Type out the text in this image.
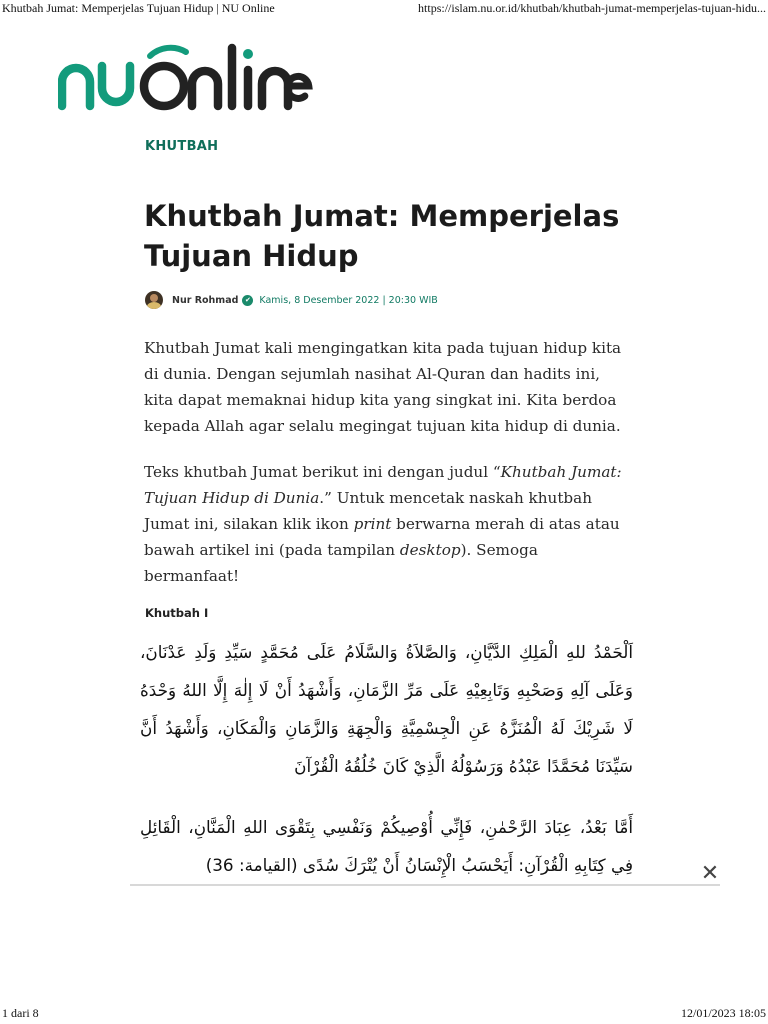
Khutbah Jumat: Memperjelas Tujuan Hidup | NU Online	https://islam.nu.or.id/khutbah/khutbah-jumat-memperjelas-tujuan-hidu...
KHUTBAH
Khutbah Jumat: Memperjelas Tujuan Hidup
Nur Rohmad ✔ Kamis, 8 Desember 2022 | 20:30 WIB

Khutbah Jumat kali mengingatkan kita pada tujuan hidup kita di dunia. Dengan sejumlah nasihat Al-Quran dan hadits ini, kita dapat memaknai hidup kita yang singkat ini. Kita berdoa kepada Allah agar selalu megingat tujuan kita hidup di dunia.

Teks khutbah Jumat berikut ini dengan judul “Khutbah Jumat: Tujuan Hidup di Dunia.” Untuk mencetak naskah khutbah Jumat ini, silakan klik ikon print berwarna merah di atas atau bawah artikel ini (pada tampilan desktop). Semoga bermanfaat!

Khutbah I

اَلْحَمْدُ للهِ الْمَلِكِ الدَّيَّانِ، وَالصَّلاَةُ وَالسَّلَامُ عَلَى مُحَمَّدٍ سَيِّدِ وَلَدِ عَدْنَانَ، وَعَلَى آلِهِ وَصَحْبِهِ وَتَابِعِيْهِ عَلَى مَرِّ الزَّمَانِ، وَأَشْهَدُ أَنْ لَا إِلٰهَ إِلَّا اللهُ وَحْدَهُ لَا شَرِيْكَ لَهُ الْمُنَزَّهُ عَنِ الْجِسْمِيَّةِ وَالْجِهَةِ وَالزَّمَانِ وَالْمَكَانِ، وَأَشْهَدُ أَنَّ سَيِّدَنَا مُحَمَّدًا عَبْدُهُ وَرَسُوْلُهُ الَّذِيْ كَانَ خُلُقُهُ الْقُرْآنَ

أَمَّا بَعْدُ، عِبَادَ الرَّحْمٰنِ، فَإِنِّي أُوْصِيكُمْ وَنَفْسِي بِتَقْوَى اللهِ الْمَنَّانِ، الْقَائِلِ فِي كِتَابِهِ الْقُرْآنِ: أَيَحْسَبُ الْإِنْسَانُ أَنْ يُتْرَكَ سُدًى (القيامة: 36)	✕
1 dari 8	12/01/2023 18:05
